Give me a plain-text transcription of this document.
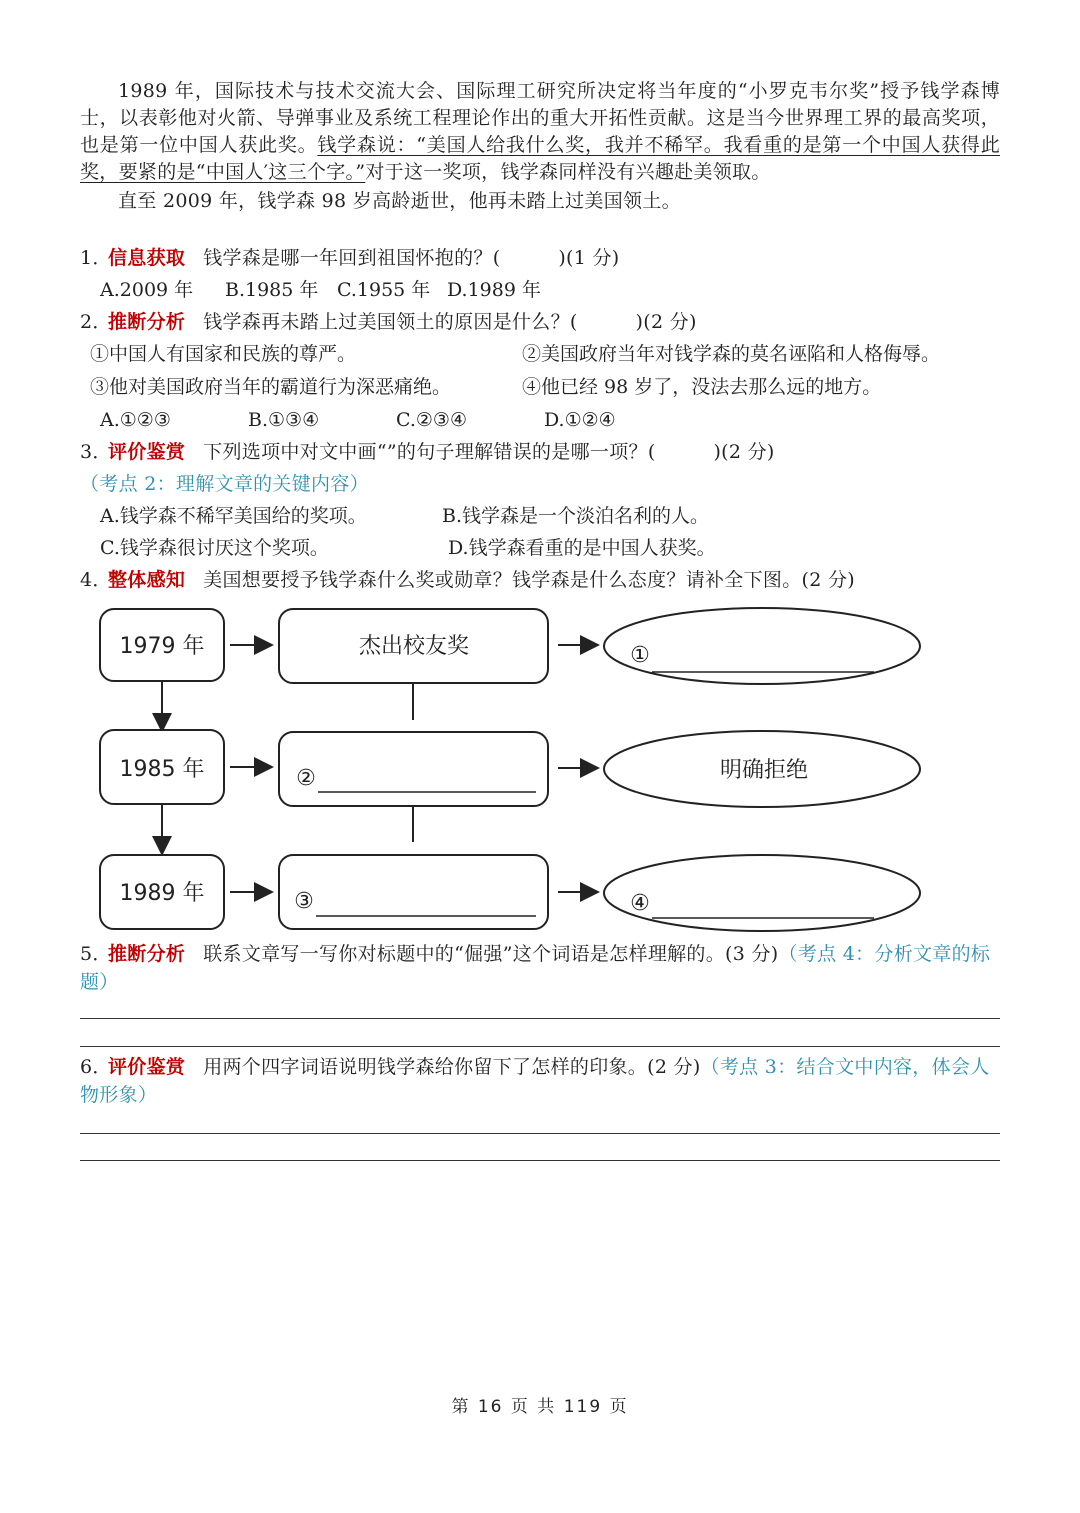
1989 年，国际技术与技术交流大会、国际理工研究所决定将当年度的“小罗克韦尔奖”授予钱学森博士，以表彰他对火箭、导弹事业及系统工程理论作出的重大开拓性贡献。这是当今世界理工界的最高奖项，也是第一位中国人获此奖。钱学森说：“美国人给我什么奖，我并不稀罕。我看重的是第一个中国人获得此奖，要紧的是“中国人′这三个字。”对于这一奖项，钱学森同样没有兴趣赴美领取。

直至 2009 年，钱学森 98 岁高龄逝世，他再未踏上过美国领土。

1．信息获取 钱学森是哪一年回到祖国怀抱的？(　　　)(1 分)

A.2009 年 B.1985 年 C.1955 年 D.1989 年

2．推断分析 钱学森再未踏上过美国领土的原因是什么？(　　　)(2 分)

①中国人有国家和民族的尊严。	②美国政府当年对钱学森的莫名诬陷和人格侮辱。

③他对美国政府当年的霸道行为深恶痛绝。	④他已经 98 岁了，没法去那么远的地方。

A.①②③	B.①③④	C.②③④	D.①②④

3．评价鉴赏 下列选项中对文中画“”的句子理解错误的是哪一项？(　　　)(2 分)

（考点 2：理解文章的关键内容）

A.钱学森不稀罕美国给的奖项。	B.钱学森是一个淡泊名利的人。

C.钱学森很讨厌这个奖项。	D.钱学森看重的是中国人获奖。

4．整体感知 美国想要授予钱学森什么奖或勋章？钱学森是什么态度？请补全下图。(2 分)

1979 年	杰出校友奖	①
1985 年	②	明确拒绝
1989 年	③	④

5．推断分析 联系文章写一写你对标题中的“倔强”这个词语是怎样理解的。(3 分)（考点 4：分析文章的标题）

6．评价鉴赏 用两个四字词语说明钱学森给你留下了怎样的印象。(2 分)（考点 3：结合文中内容，体会人物形象）

第 16 页 共 119 页
